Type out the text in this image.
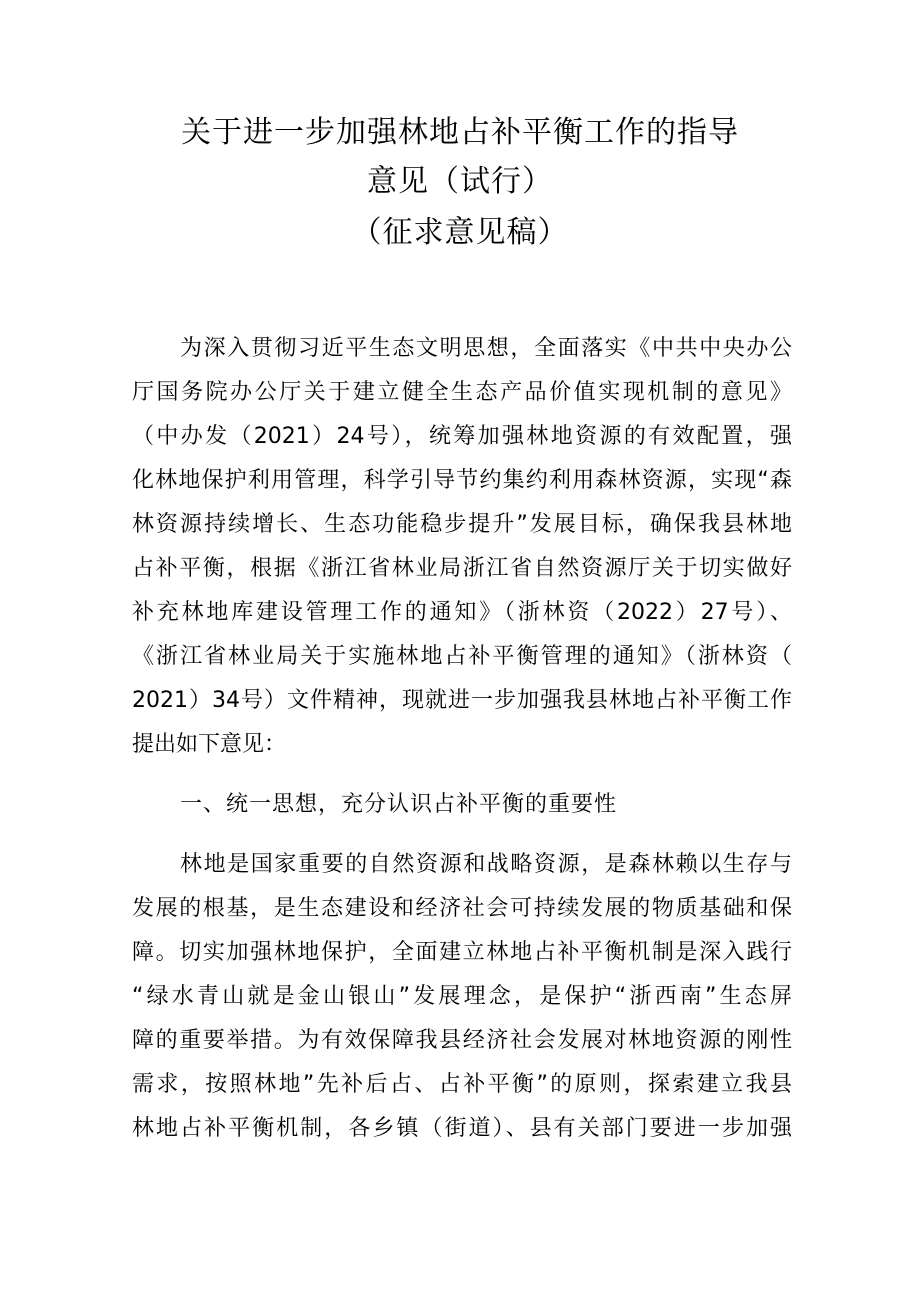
关于进一步加强林地占补平衡工作的指导
意见（试行）
（征求意见稿）
为深入贯彻习近平生态文明思想，全面落实《中共中央办公
厅国务院办公厅关于建立健全生态产品价值实现机制的意见》
（中办发（2021）24号），统筹加强林地资源的有效配置，强
化林地保护利用管理，科学引导节约集约利用森林资源，实现“森
林资源持续增长、生态功能稳步提升”发展目标，确保我县林地
占补平衡，根据《浙江省林业局浙江省自然资源厅关于切实做好
补充林地库建设管理工作的通知》（浙林资（2022）27号）、
《浙江省林业局关于实施林地占补平衡管理的通知》（浙林资（
2021）34号）文件精神，现就进一步加强我县林地占补平衡工作
提出如下意见：
一、统一思想，充分认识占补平衡的重要性
林地是国家重要的自然资源和战略资源，是森林赖以生存与
发展的根基，是生态建设和经济社会可持续发展的物质基础和保
障。切实加强林地保护，全面建立林地占补平衡机制是深入践行
“绿水青山就是金山银山”发展理念，是保护“浙西南”生态屏
障的重要举措。为有效保障我县经济社会发展对林地资源的刚性
需求，按照林地”先补后占、占补平衡”的原则，探索建立我县
林地占补平衡机制，各乡镇（街道）、县有关部门要进一步加强
